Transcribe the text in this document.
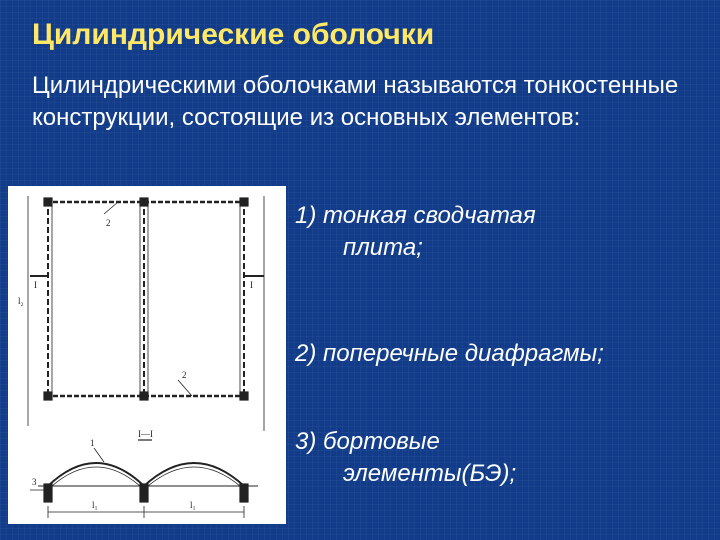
Цилиндрические оболочки
Цилиндрическими оболочками называются тонкостенные конструкции, состоящие из основных элементов:
2
2
I	I
I—I
1
3
l₁	l₁
l₂
1) тонкая сводчатая
плита;
2) поперечные диафрагмы;
3) бортовые
элементы(БЭ);
